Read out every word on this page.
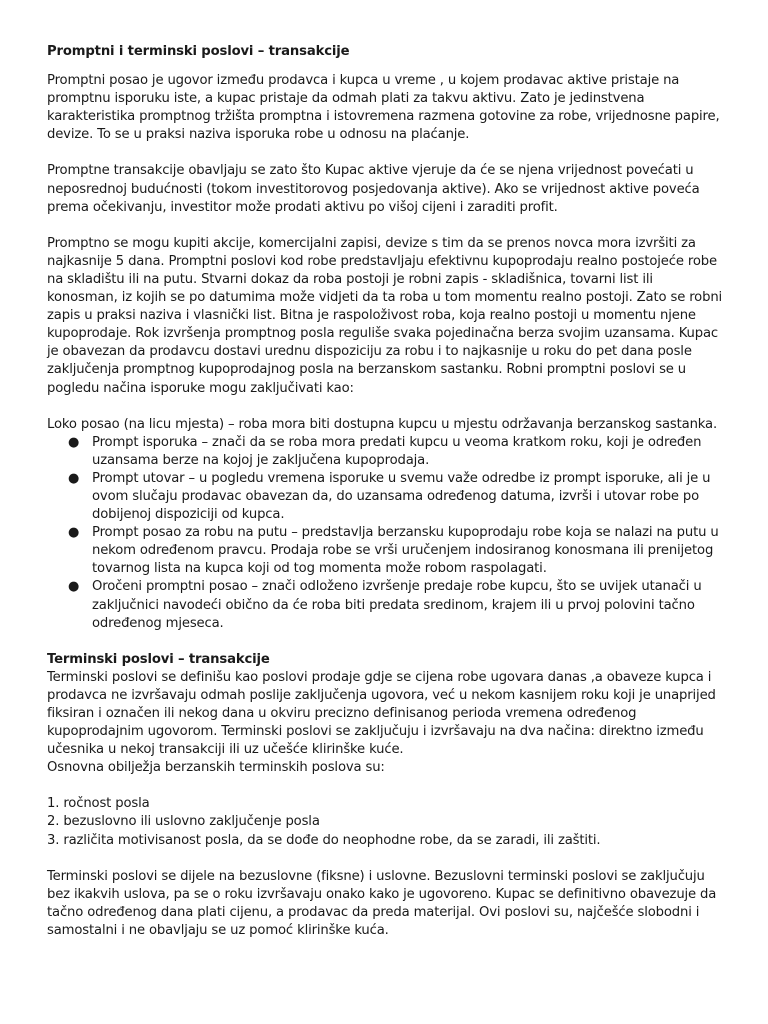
Promptni i terminski poslovi – transakcije

Promptni posao je ugovor između prodavca i kupca u vreme , u kojem prodavac aktive pristaje na promptnu isporuku iste, a kupac pristaje da odmah plati za takvu aktivu. Zato je jedinstvena karakteristika promptnog tržišta promptna i istovremena razmena gotovine za robe, vrijednosne papire, devize. To se u praksi naziva isporuka robe u odnosu na plaćanje.

Promptne transakcije obavljaju se zato što Kupac aktive vjeruje da će se njena vrijednost povećati u neposrednoj budućnosti (tokom investitorovog posjedovanja aktive). Ako se vrijednost aktive poveća prema očekivanju, investitor može prodati aktivu po višoj cijeni i zaraditi profit.

Promptno se mogu kupiti akcije, komercijalni zapisi, devize s tim da se prenos novca mora izvršiti za najkasnije 5 dana. Promptni poslovi kod robe predstavljaju efektivnu kupoprodaju realno postojeće robe na skladištu ili na putu. Stvarni dokaz da roba postoji je robni zapis - skladišnica, tovarni list ili konosman, iz kojih se po datumima može vidjeti da ta roba u tom momentu realno postoji. Zato se robni zapis u praksi naziva i vlasnički list. Bitna je raspoloživost roba, koja realno postoji u momentu njene kupoprodaje. Rok izvršenja promptnog posla reguliše svaka pojedinačna berza svojim uzansama. Kupac je obavezan da prodavcu dostavi urednu dispoziciju za robu i to najkasnije u roku do pet dana posle zaključenja promptnog kupoprodajnog posla na berzanskom sastanku. Robni promptni poslovi se u pogledu načina isporuke mogu zaključivati kao:

Loko posao (na licu mjesta) – roba mora biti dostupna kupcu u mjestu održavanja berzanskog sastanka.

● Prompt isporuka – znači da se roba mora predati kupcu u veoma kratkom roku, koji je određen uzansama berze na kojoj je zaključena kupoprodaja.
● Prompt utovar – u pogledu vremena isporuke u svemu važe odredbe iz prompt isporuke, ali je u ovom slučaju prodavac obavezan da, do uzansama određenog datuma, izvrši i utovar robe po dobijenoj dispoziciji od kupca.
● Prompt posao za robu na putu – predstavlja berzansku kupoprodaju robe koja se nalazi na putu u nekom određenom pravcu. Prodaja robe se vrši uručenjem indosiranog konosmana ili prenijetog tovarnog lista na kupca koji od tog momenta može robom raspolagati.
● Oročeni promptni posao – znači odloženo izvršenje predaje robe kupcu, što se uvijek utanači u zaključnici navodeći obično da će roba biti predata sredinom, krajem ili u prvoj polovini tačno određenog mjeseca.

Terminski poslovi – transakcije

Terminski poslovi se definišu kao poslovi prodaje gdje se cijena robe ugovara danas ,a obaveze kupca i prodavca ne izvršavaju odmah poslije zaključenja ugovora, već u nekom kasnijem roku koji je unaprijed fiksiran i označen ili nekog dana u okviru precizno definisanog perioda vremena određenog kupoprodajnim ugovorom. Terminski poslovi se zaključuju i izvršavaju na dva načina: direktno između učesnika u nekoj transakciji ili uz učešće klirinške kuće.

Osnovna obilježja berzanskih terminskih poslova su:

1. ročnost posla

2. bezuslovno ili uslovno zaključenje posla

3. različita motivisanost posla, da se dođe do neophodne robe, da se zaradi, ili zaštiti.

Terminski poslovi se dijele na bezuslovne (fiksne) i uslovne. Bezuslovni terminski poslovi se zaključuju bez ikakvih uslova, pa se o roku izvršavaju onako kako je ugovoreno. Kupac se definitivno obavezuje da tačno određenog dana plati cijenu, a prodavac da preda materijal. Ovi poslovi su, najčešće slobodni i samostalni i ne obavljaju se uz pomoć klirinške kuća.
